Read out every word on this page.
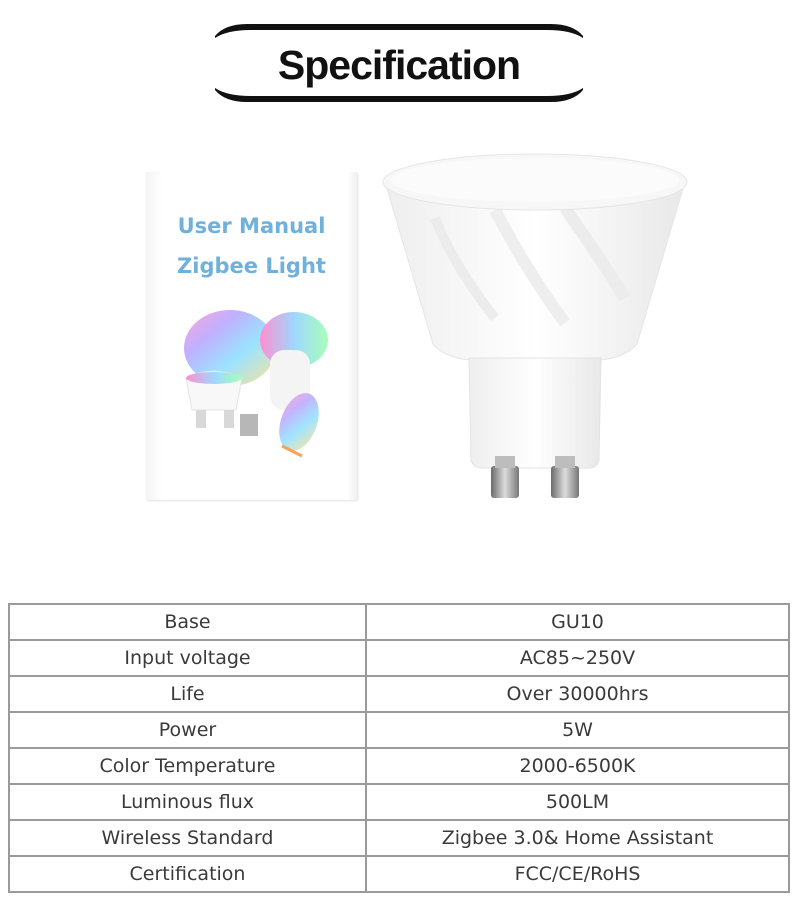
Specification
User Manual
Zigbee Light
Base	GU10
Input voltage	AC85~250V
Life	Over 30000hrs
Power	5W
Color Temperature	2000-6500K
Luminous flux	500LM
Wireless Standard	Zigbee 3.0& Home Assistant
Certification	FCC/CE/RoHS
